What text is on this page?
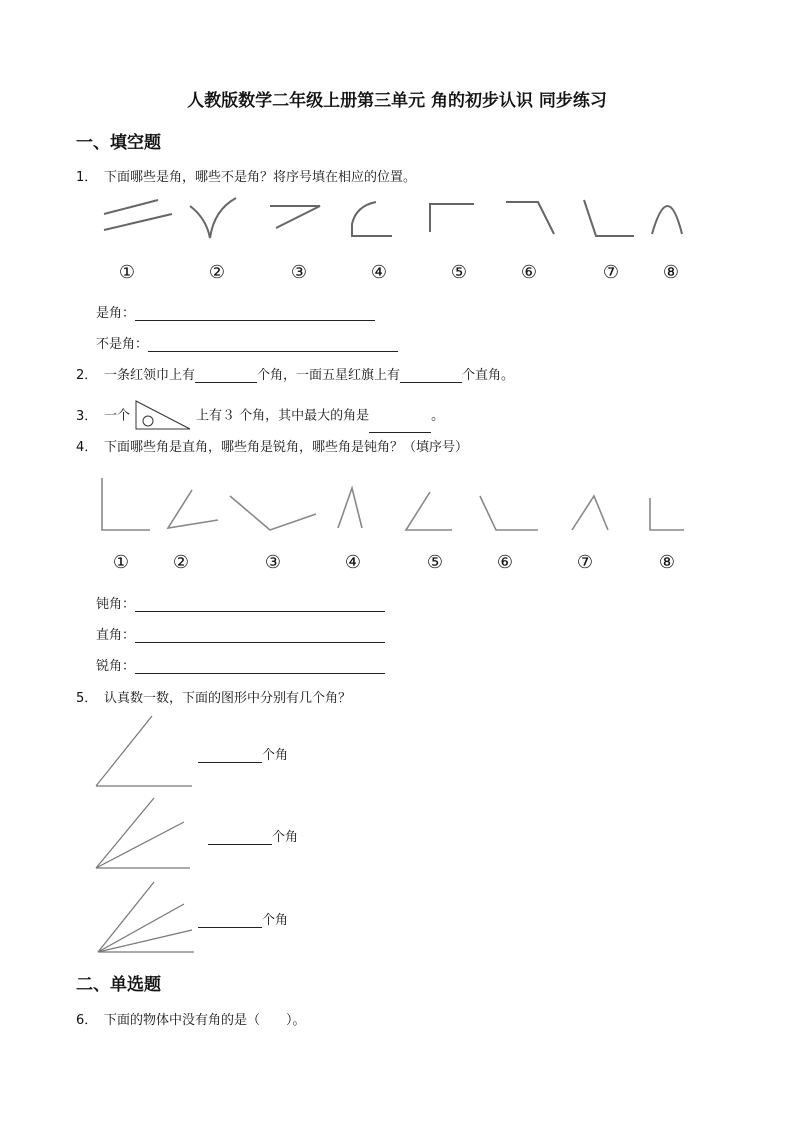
人教版数学二年级上册第三单元 角的初步认识 同步练习
一、填空题
1． 下面哪些是角，哪些不是角？将序号填在相应的位置。
①	②	③	④	⑤	⑥	⑦	⑧
是角：
不是角：
2． 一条红领巾上有	个角，一面五星红旗上有	个直角。
3． 一个	上有３ 个角，其中最大的角是	。
4． 下面哪些角是直角，哪些角是锐角，哪些角是钝角？（填序号）
①	②	③	④	⑤	⑥	⑦	⑧
钝角：
直角：
锐角：
5． 认真数一数，下面的图形中分别有几个角？
个角
个角
个角
二、单选题
6． 下面的物体中没有角的是（　　）。
